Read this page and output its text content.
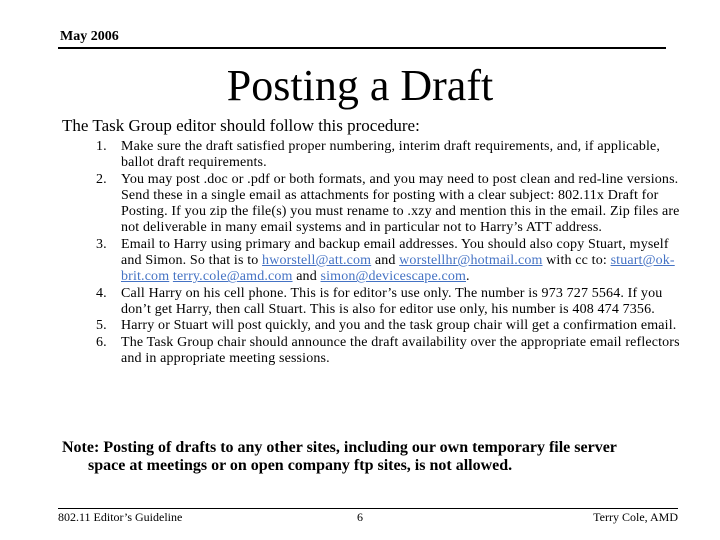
May 2006
Posting a Draft
The Task Group editor should follow this procedure:
1. Make sure the draft satisfied proper numbering, interim draft requirements, and, if applicable, ballot draft requirements.
2. You may post .doc or .pdf or both formats, and you may need to post clean and red-line versions. Send these in a single email as attachments for posting with a clear subject: 802.11x Draft for Posting. If you zip the file(s) you must rename to .xzy and mention this in the email. Zip files are not deliverable in many email systems and in particular not to Harry’s ATT address.
3. Email to Harry using primary and backup email addresses. You should also copy Stuart, myself and Simon. So that is to hworstell@att.com and worstellhr@hotmail.com with cc to: stuart@ok-brit.com terry.cole@amd.com and simon@devicescape.com.
4. Call Harry on his cell phone. This is for editor’s use only. The number is 973 727 5564. If you don’t get Harry, then call Stuart. This is also for editor use only, his number is 408 474 7356.
5. Harry or Stuart will post quickly, and you and the task group chair will get a confirmation email.
6. The Task Group chair should announce the draft availability over the appropriate email reflectors and in appropriate meeting sessions.
Note: Posting of drafts to any other sites, including our own temporary file server
space at meetings or on open company ftp sites, is not allowed.
802.11 Editor’s Guideline	6	Terry Cole, AMD
